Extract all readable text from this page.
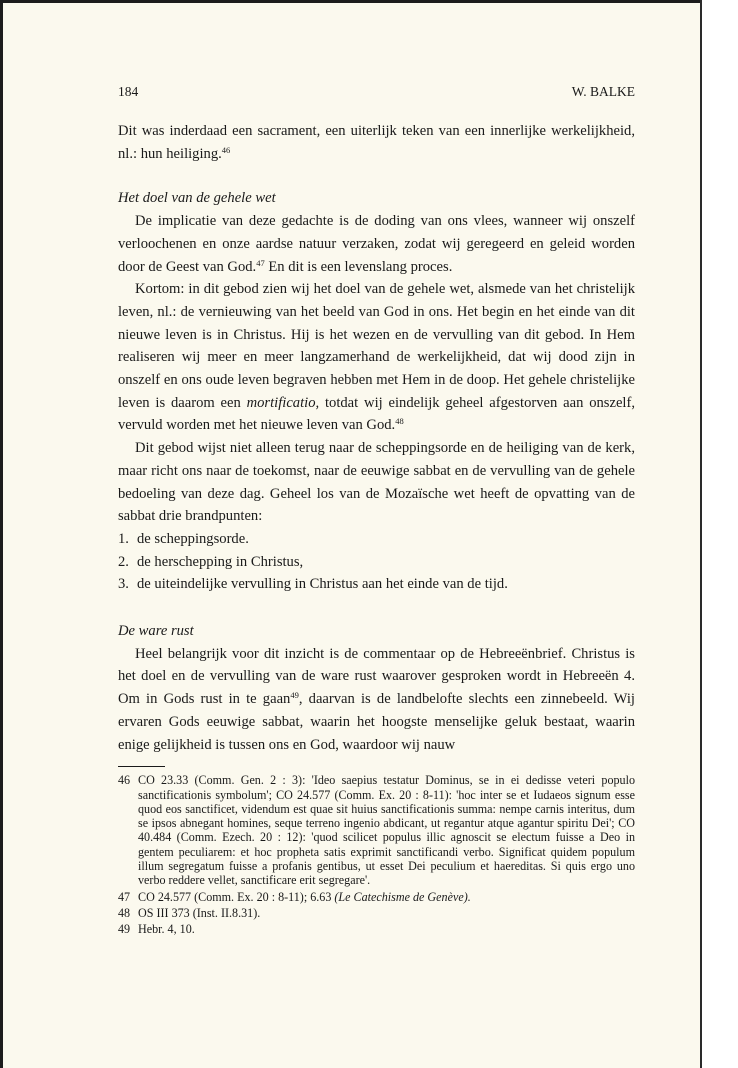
184	W. BALKE

Dit was inderdaad een sacrament, een uiterlijk teken van een innerlijke werkelijkheid, nl.: hun heiliging.$^{46}$

Het doel van de gehele wet

De implicatie van deze gedachte is de doding van ons vlees, wanneer wij onszelf verloochenen en onze aardse natuur verzaken, zodat wij geregeerd en geleid worden door de Geest van God.$^{47}$ En dit is een levenslang proces.

Kortom: in dit gebod zien wij het doel van de gehele wet, alsmede van het christelijk leven, nl.: de vernieuwing van het beeld van God in ons. Het begin en het einde van dit nieuwe leven is in Christus. Hij is het wezen en de vervulling van dit gebod. In Hem realiseren wij meer en meer langzamerhand de werkelijkheid, dat wij dood zijn in onszelf en ons oude leven begraven hebben met Hem in de doop. Het gehele christelijke leven is daarom een mortificatio, totdat wij eindelijk geheel afgestorven aan onszelf, vervuld worden met het nieuwe leven van God.$^{48}$

Dit gebod wijst niet alleen terug naar de scheppingsorde en de heiliging van de kerk, maar richt ons naar de toekomst, naar de eeuwige sabbat en de vervulling van de gehele bedoeling van deze dag. Geheel los van de Mozaïsche wet heeft de opvatting van de sabbat drie brandpunten:

1. de scheppingsorde.
2. de herschepping in Christus,
3. de uiteindelijke vervulling in Christus aan het einde van de tijd.

De ware rust

Heel belangrijk voor dit inzicht is de commentaar op de Hebreeënbrief. Christus is het doel en de vervulling van de ware rust waarover gesproken wordt in Hebreeën 4. Om in Gods rust in te gaan$^{49}$, daarvan is de landbelofte slechts een zinnebeeld. Wij ervaren Gods eeuwige sabbat, waarin het hoogste menselijke geluk bestaat, waarin enige gelijkheid is tussen ons en God, waardoor wij nauw

46 CO 23.33 (Comm. Gen. 2 : 3): 'Ideo saepius testatur Dominus, se in ei dedisse veteri populo sanctificationis symbolum'; CO 24.577 (Comm. Ex. 20 : 8-11): 'hoc inter se et Iudaeos signum esse quod eos sanctificet, videndum est quae sit huius sanctificationis summa: nempe carnis interitus, dum se ipsos abnegant homines, seque terreno ingenio abdicant, ut regantur atque agantur spiritu Dei'; CO 40.484 (Comm. Ezech. 20 : 12): 'quod scilicet populus illic agnoscit se electum fuisse a Deo in gentem peculiarem: et hoc propheta satis exprimit sanctificandi verbo. Significat quidem populum illum segregatum fuisse a profanis gentibus, ut esset Dei peculium et haereditas. Si quis ergo uno verbo reddere vellet, sanctificare erit segregare'.
47 CO 24.577 (Comm. Ex. 20 : 8-11); 6.63 (Le Catechisme de Genève).
48 OS III 373 (Inst. II.8.31).
49 Hebr. 4, 10.
